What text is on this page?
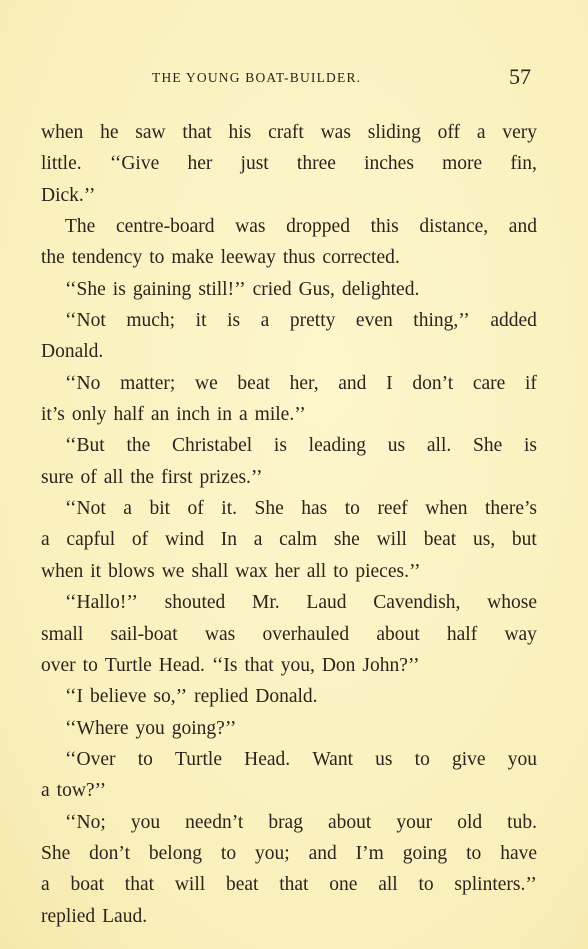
THE YOUNG BOAT-BUILDER.	57
when he saw that his craft was sliding off a very
little. ‘‘Give her just three inches more fin,
Dick.’’
The centre-board was dropped this distance, and
the tendency to make leeway thus corrected.
‘‘She is gaining still!’’ cried Gus, delighted.
‘‘Not much; it is a pretty even thing,’’ added
Donald.
‘‘No matter; we beat her, and I don’t care if
it’s only half an inch in a mile.’’
‘‘But the Christabel is leading us all. She is
sure of all the first prizes.’’
‘‘Not a bit of it. She has to reef when there’s
a capful of wind In a calm she will beat us, but
when it blows we shall wax her all to pieces.’’
‘‘Hallo!’’ shouted Mr. Laud Cavendish, whose
small sail-boat was overhauled about half way
over to Turtle Head. ‘‘Is that you, Don John?’’
‘‘I believe so,’’ replied Donald.
‘‘Where you going?’’
‘‘Over to Turtle Head. Want us to give you
a tow?’’
‘‘No; you needn’t brag about your old tub.
She don’t belong to you; and I’m going to have
a boat that will beat that one all to splinters.’’
replied Laud.
